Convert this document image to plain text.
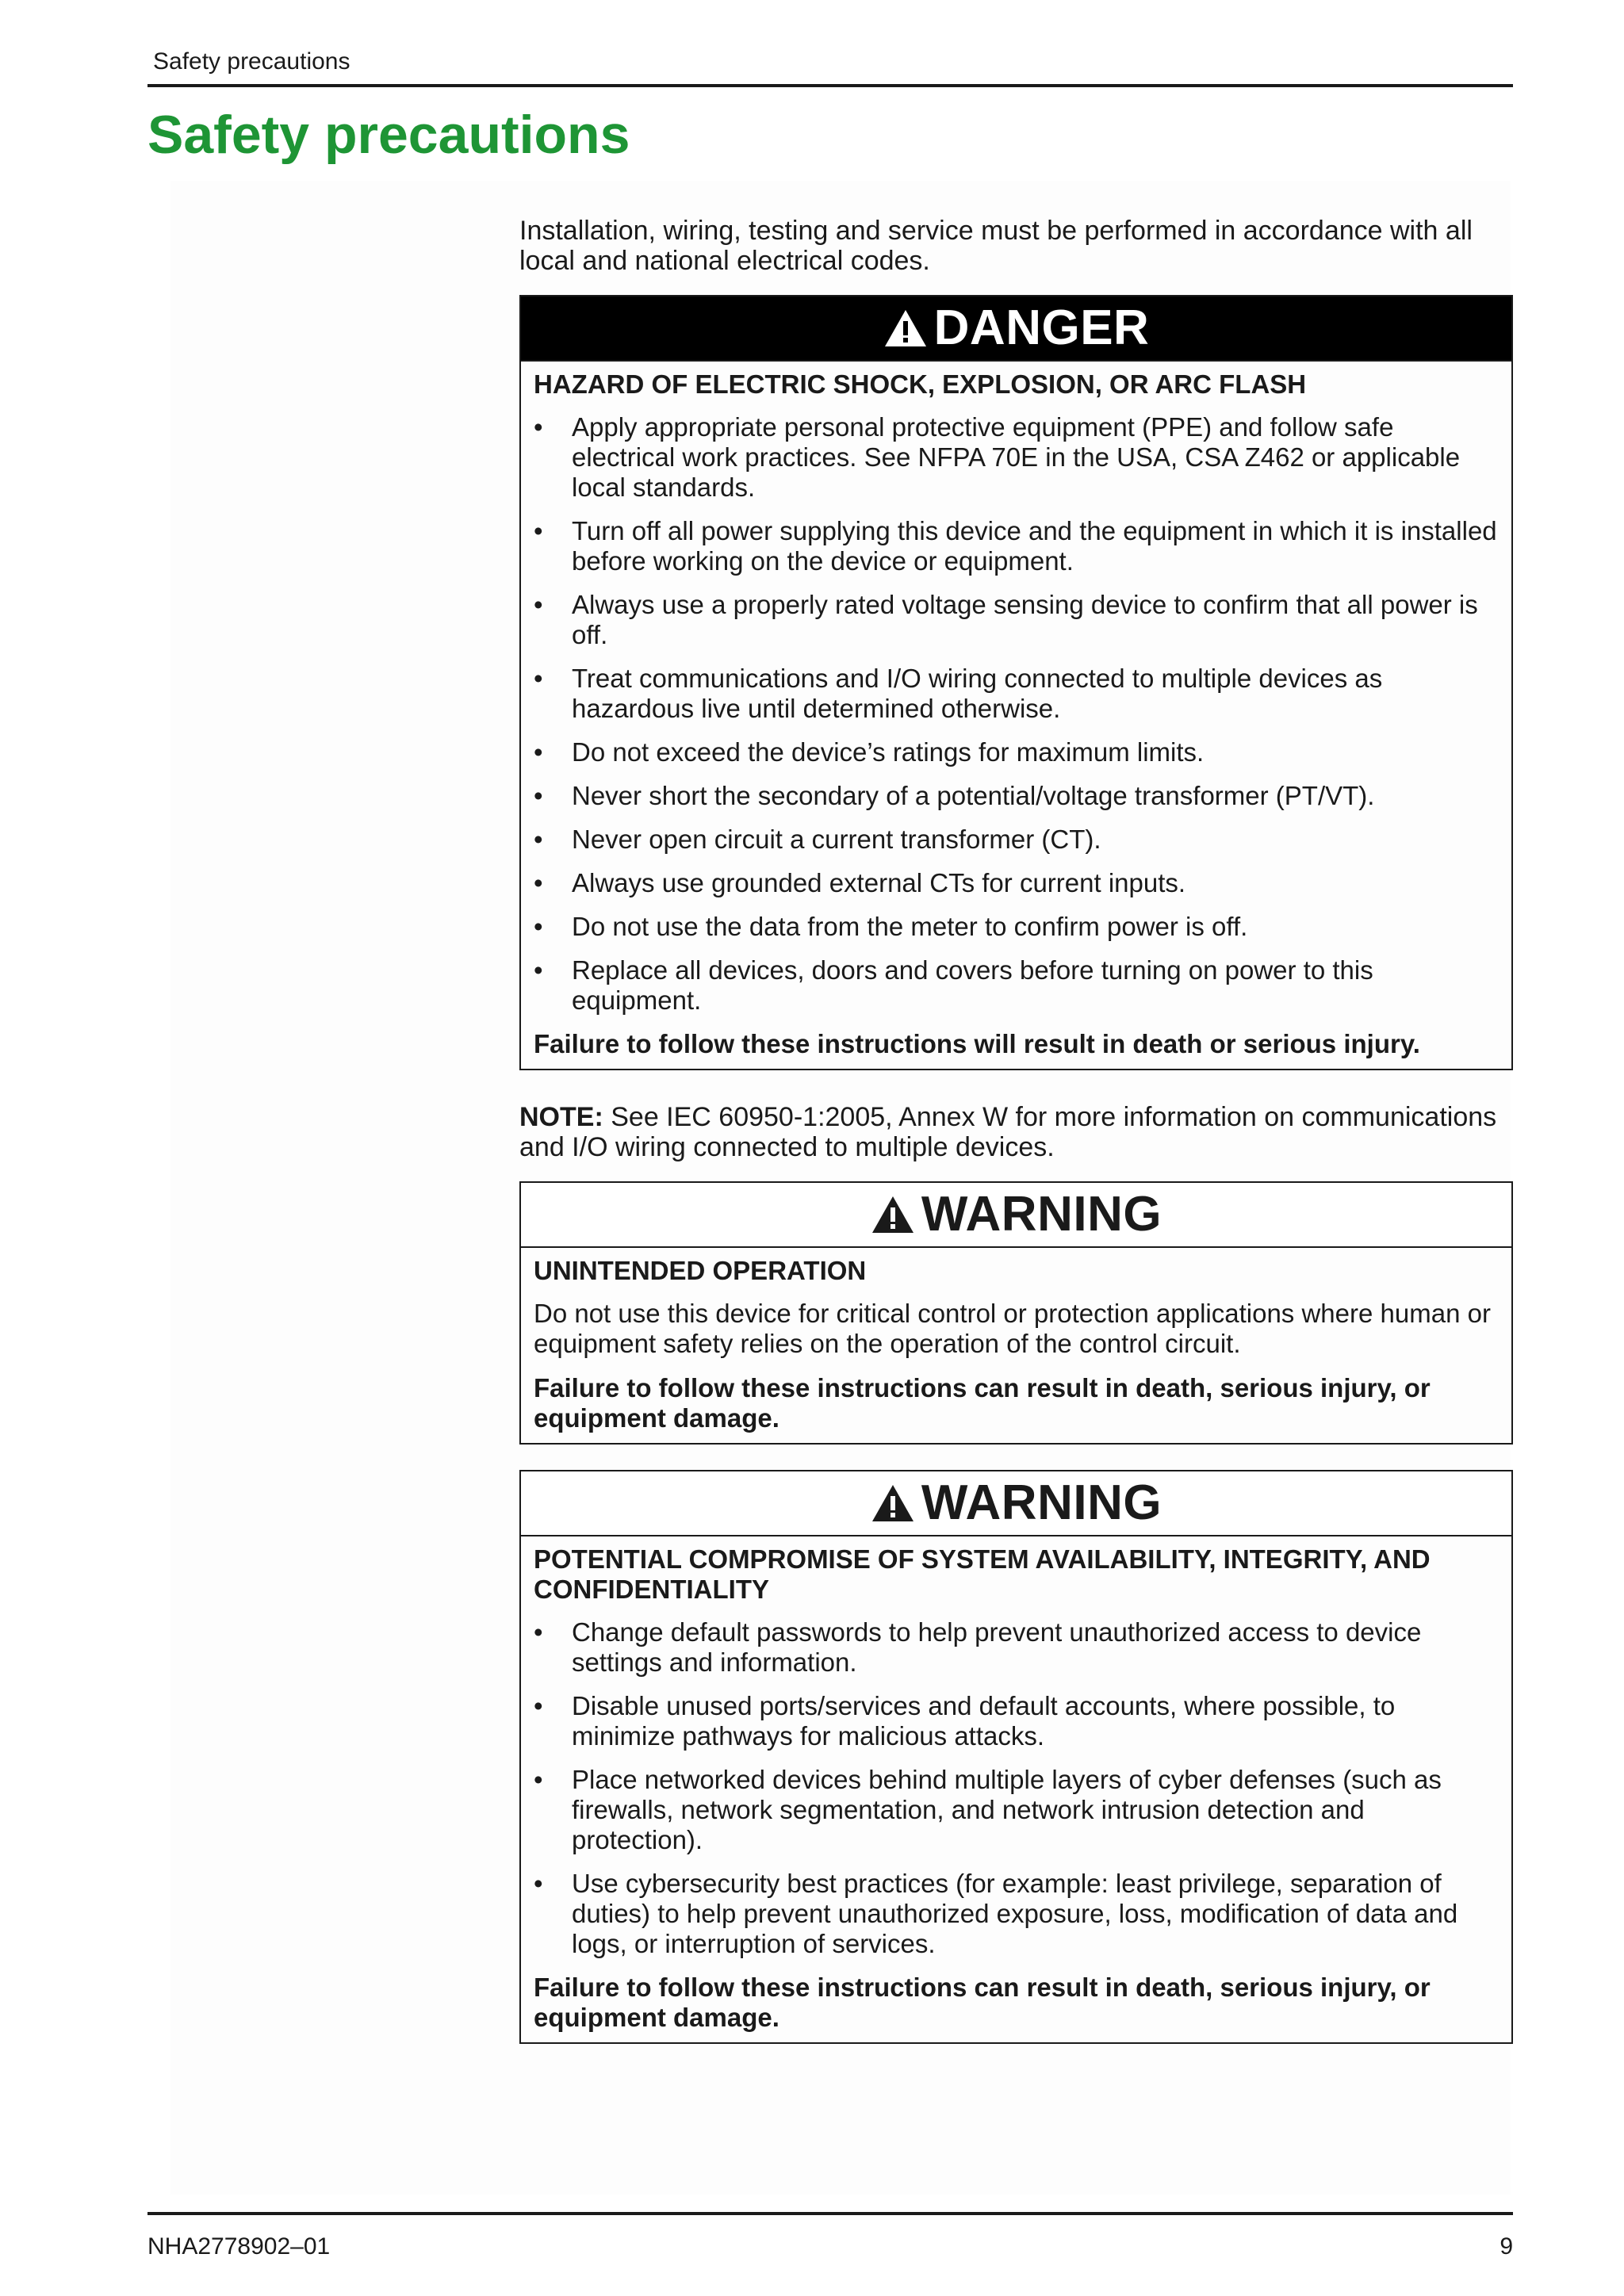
Safety precautions
Safety precautions

Installation, wiring, testing and service must be performed in accordance with all local and national electrical codes.

DANGER

HAZARD OF ELECTRIC SHOCK, EXPLOSION, OR ARC FLASH

• Apply appropriate personal protective equipment (PPE) and follow safe electrical work practices. See NFPA 70E in the USA, CSA Z462 or applicable local standards.
• Turn off all power supplying this device and the equipment in which it is installed before working on the device or equipment.
• Always use a properly rated voltage sensing device to confirm that all power is off.
• Treat communications and I/O wiring connected to multiple devices as hazardous live until determined otherwise.
• Do not exceed the device’s ratings for maximum limits.
• Never short the secondary of a potential/voltage transformer (PT/VT).
• Never open circuit a current transformer (CT).
• Always use grounded external CTs for current inputs.
• Do not use the data from the meter to confirm power is off.
• Replace all devices, doors and covers before turning on power to this equipment.

Failure to follow these instructions will result in death or serious injury.

NOTE: See IEC 60950-1:2005, Annex W for more information on communications and I/O wiring connected to multiple devices.

WARNING

UNINTENDED OPERATION

Do not use this device for critical control or protection applications where human or equipment safety relies on the operation of the control circuit.

Failure to follow these instructions can result in death, serious injury, or equipment damage.

WARNING

POTENTIAL COMPROMISE OF SYSTEM AVAILABILITY, INTEGRITY, AND CONFIDENTIALITY

• Change default passwords to help prevent unauthorized access to device settings and information.
• Disable unused ports/services and default accounts, where possible, to minimize pathways for malicious attacks.
• Place networked devices behind multiple layers of cyber defenses (such as firewalls, network segmentation, and network intrusion detection and protection).
• Use cybersecurity best practices (for example: least privilege, separation of duties) to help prevent unauthorized exposure, loss, modification of data and logs, or interruption of services.

Failure to follow these instructions can result in death, serious injury, or equipment damage.

NHA2778902–01	9
